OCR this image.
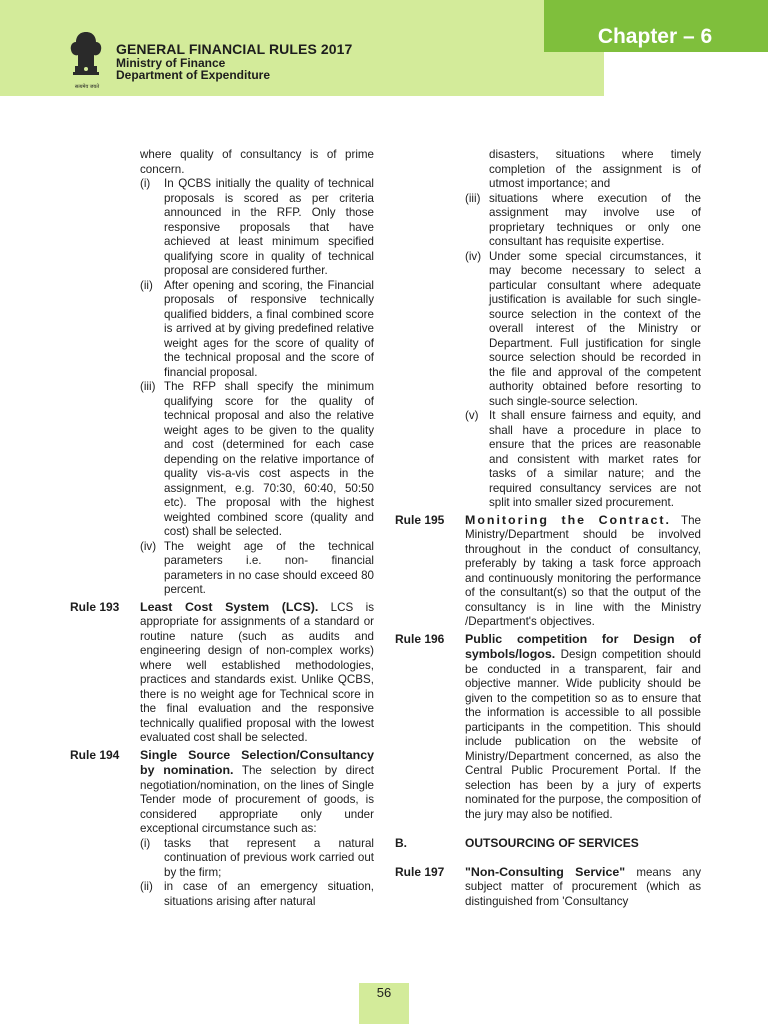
Chapter – 6
सत्यमेव जयते
GENERAL FINANCIAL RULES 2017
Ministry of Finance
Department of Expenditure

where quality of consultancy is of prime concern.

(i)	In QCBS initially the quality of technical proposals is scored as per criteria announced in the RFP. Only those responsive proposals that have achieved at least minimum specified qualifying score in quality of technical proposal are considered further.
(ii) After opening and scoring, the Financial proposals of responsive technically qualified bidders, a final combined score is arrived at by giving predefined relative weight ages for the score of quality of the technical proposal and the score of financial proposal.
(iii) The RFP shall specify the minimum qualifying score for the quality of technical proposal and also the relative weight ages to be given to the quality and cost (determined for each case depending on the relative importance of quality vis-a-vis cost aspects in the assignment, e.g. 70:30, 60:40, 50:50 etc). The proposal with the highest weighted combined score (quality and cost) shall be selected.
(iv) The weight age of the technical parameters i.e. non- financial parameters in no case should exceed 80 percent.
Rule 193	Least Cost System (LCS). LCS is appropriate for assignments of a standard or routine nature (such as audits and engineering design of non-complex works) where well established methodologies, practices and standards exist. Unlike QCBS, there is no weight age for Technical score in the final evaluation and the responsive technically qualified proposal with the lowest evaluated cost shall be selected.
Rule 194	Single Source Selection/Consultancy by nomination. The selection by direct negotiation/nomination, on the lines of Single Tender mode of procurement of goods, is considered appropriate only under exceptional circumstance such as:
(i)	tasks that represent a natural continuation of previous work carried out by the firm;
(ii) in case of an emergency situation, situations arising after natural
disasters, situations where timely completion of the assignment is of utmost importance; and
(iii) situations where execution of the assignment may involve use of proprietary techniques or only one consultant has requisite expertise.
(iv) Under some special circumstances, it may become necessary to select a particular consultant where adequate justification is available for such single-source selection in the context of the overall interest of the Ministry or Department. Full justification for single source selection should be recorded in the file and approval of the competent authority obtained before resorting to such single-source selection.
(v) It shall ensure fairness and equity, and shall have a procedure in place to ensure that the prices are reasonable and consistent with market rates for tasks of a similar nature; and the required consultancy services are not split into smaller sized procurement.
Rule 195	Monitoring the Contract. The Ministry/Department should be involved throughout in the conduct of consultancy, preferably by taking a task force approach and continuously monitoring the performance of the consultant(s) so that the output of the consultancy is in line with the Ministry /Department's objectives.
Rule 196	Public competition for Design of symbols/logos. Design competition should be conducted in a transparent, fair and objective manner. Wide publicity should be given to the competition so as to ensure that the information is accessible to all possible participants in the competition. This should include publication on the website of Ministry/Department concerned, as also the Central Public Procurement Portal. If the selection has been by a jury of experts nominated for the purpose, the composition of the jury may also be notified.
B.	OUTSOURCING OF SERVICES
Rule 197	"Non-Consulting Service" means any subject matter of procurement (which as distinguished from 'Consultancy
56
